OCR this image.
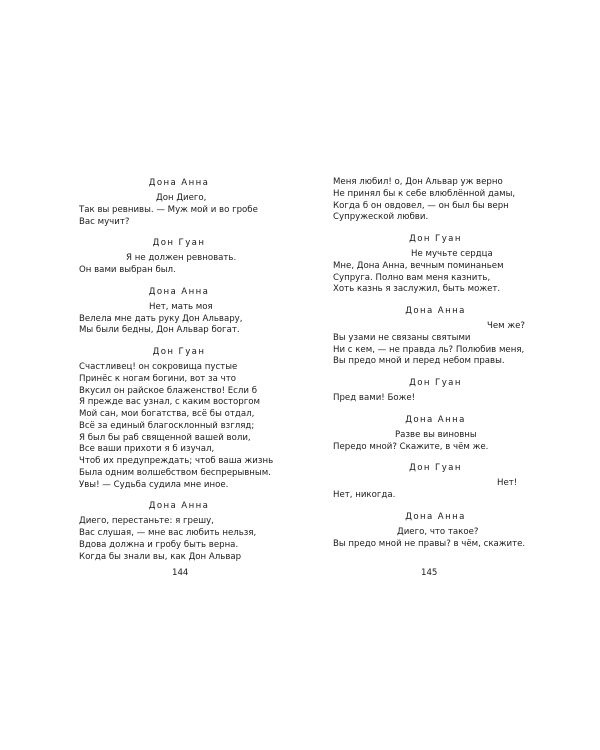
Дона Анна
Дон Диего,
Так вы ревнивы. — Муж мой и во гробе
Вас мучит?
Дон Гуан
Я не должен ревновать.
Он вами выбран был.
Дона Анна
Нет, мать моя
Велела мне дать руку Дон Альвару,
Мы были бедны, Дон Альвар богат.
Дон Гуан
Счастливец! он сокровища пустые
Принёс к ногам богини, вот за что
Вкусил он райское блаженство! Если б
Я прежде вас узнал, с каким восторгом
Мой сан, мои богатства, всё бы отдал,
Всё за единый благосклонный взгляд;
Я был бы раб священной вашей воли,
Все ваши прихоти я б изучал,
Чтоб их предупреждать; чтоб ваша жизнь
Была одним волшебством беспрерывным.
Увы! — Судьба судила мне иное.
Дона Анна
Диего, перестаньте: я грешу,
Вас слушая, — мне вас любить нельзя,
Вдова должна и гробу быть верна.
Когда бы знали вы, как Дон Альвар
Меня любил! о, Дон Альвар уж верно
Не принял бы к себе влюблённой дамы,
Когда б он овдовел, — он был бы верн
Супружеской любви.
Дон Гуан
Не мучьте сердца
Мне, Дона Анна, вечным поминаньем
Супруга. Полно вам меня казнить,
Хоть казнь я заслужил, быть может.
Дона Анна
Чем же?
Вы узами не связаны святыми
Ни с кем, — не правда ль? Полюбив меня,
Вы предо мной и перед небом правы.
Дон Гуан
Пред вами! Боже!
Дона Анна
Разве вы виновны
Передо мной? Скажите, в чём же.
Дон Гуан
Нет!
Нет, никогда.
Дона Анна
Диего, что такое?
Вы предо мной не правы? в чём, скажите.
144	145
